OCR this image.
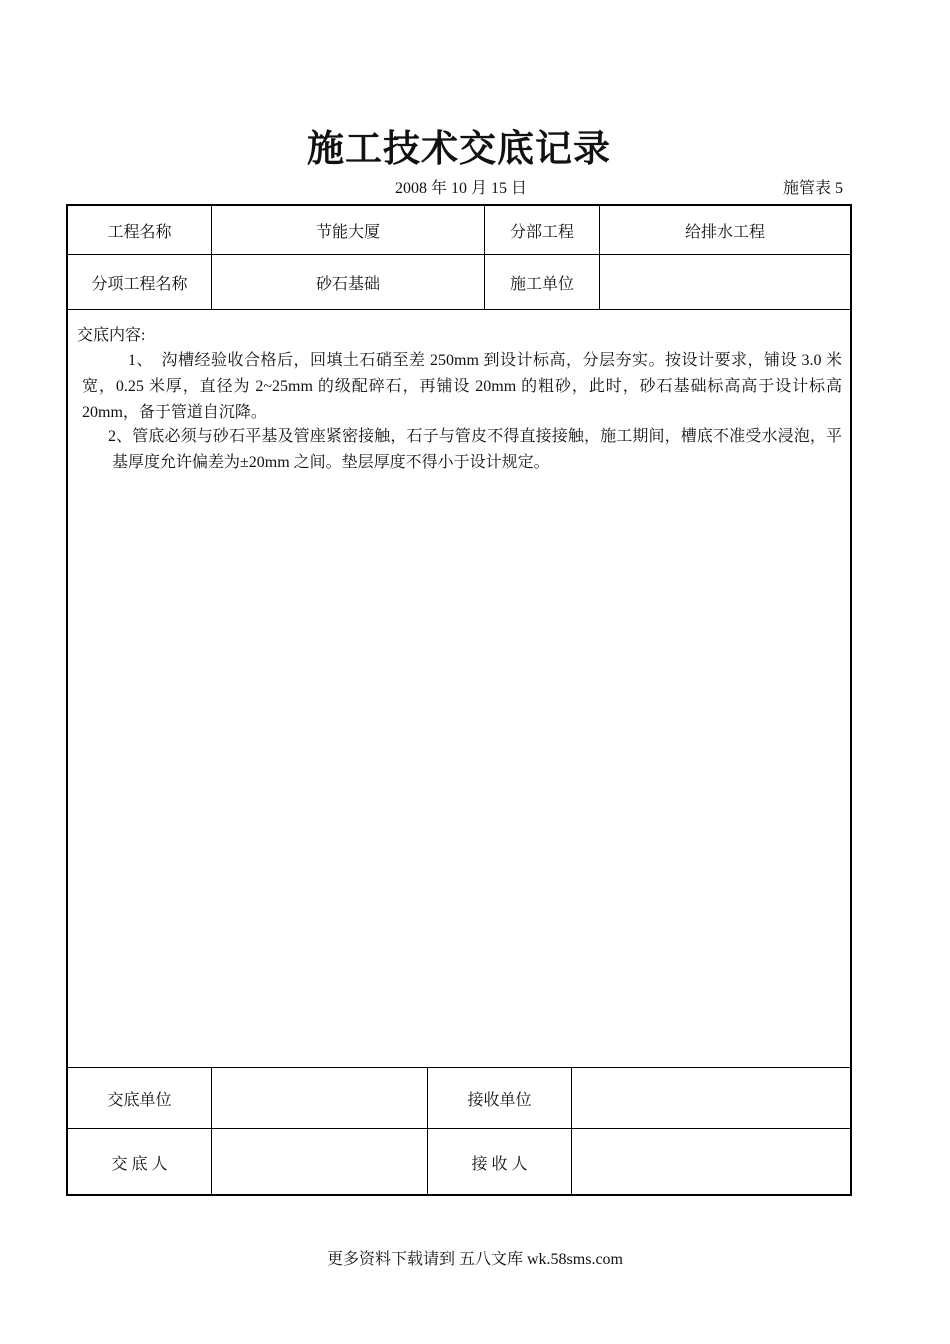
施工技术交底记录
2008 年 10 月 15 日	施管表 5
工程名称	节能大厦	分部工程	给排水工程
分项工程名称	砂石基础	施工单位
交底内容:
1、　沟槽经验收合格后，回填土石硝至差 250mm 到设计标高，分层夯实。按设计要求，铺设 3.0 米宽，0.25 米厚，直径为 2~25mm 的级配碎石，再铺设 20mm 的粗砂，此时，砂石基础标高高于设计标高 20mm，备于管道自沉降。
2、管底必须与砂石平基及管座紧密接触，石子与管皮不得直接接触，施工期间，槽底不准受水浸泡，平基厚度允许偏差为±20mm 之间。垫层厚度不得小于设计规定。
交底单位	接收单位
交 底 人	接 收 人
更多资料下载请到 五八文库 wk.58sms.com
